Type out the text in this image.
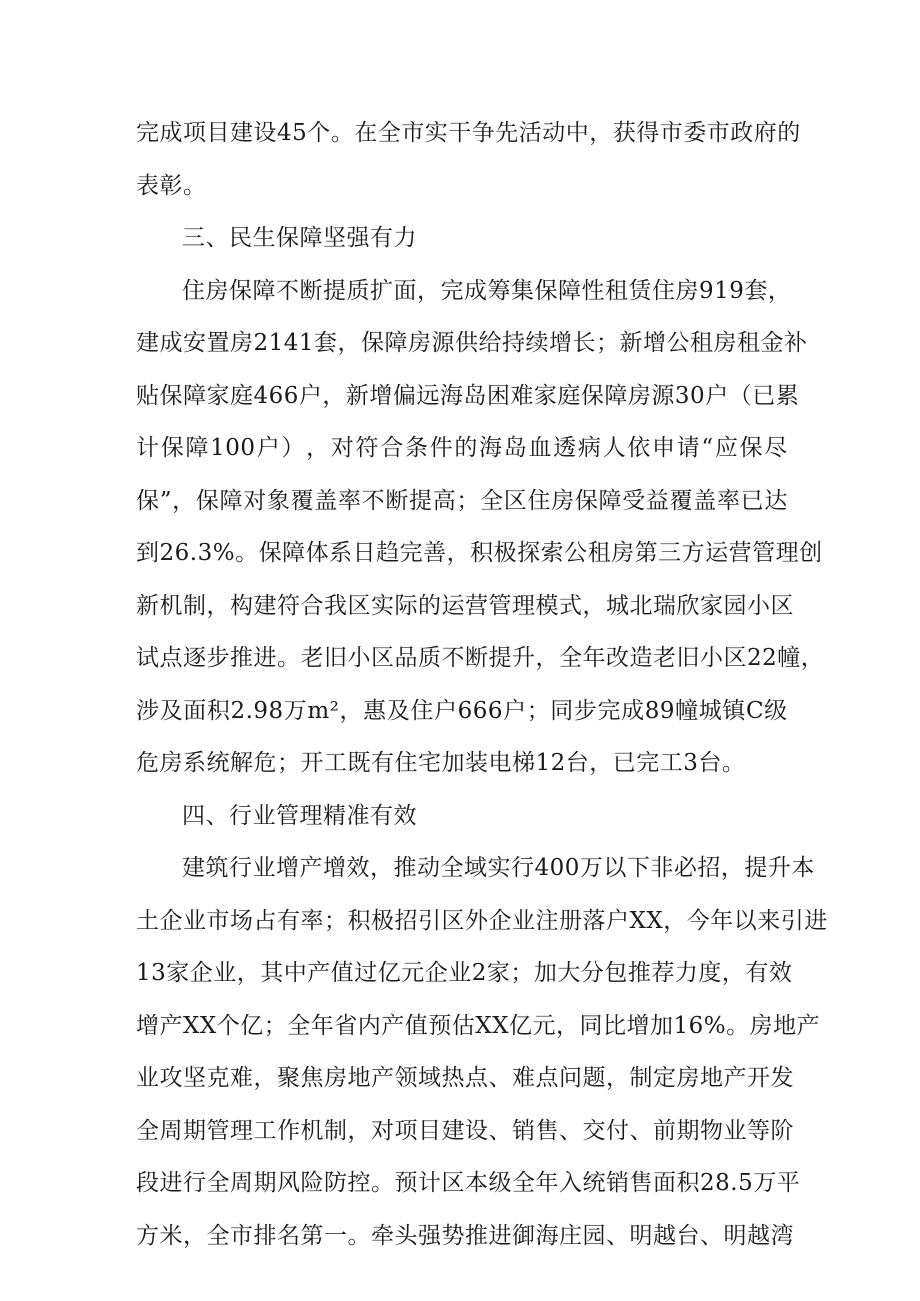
完 成 项 目 建 设 45 个 。 在 全 市 实 干 争 先 活 动 中 ， 获 得 市 委 市 政 府 的
表彰。
三、民生保障坚强有力
住 房 保 障 不 断 提 质 扩 面 ， 完 成 筹 集 保 障 性 租 赁 住 房 919 套 ，
建 成 安 置 房 2141 套 ， 保 障 房 源 供 给 持 续 增 长 ； 新 增 公 租 房 租 金 补
贴 保 障 家 庭 466 户 ， 新 增 偏 远 海 岛 困 难 家 庭 保 障 房 源 30 户 （ 已 累
计 保 障 100 户 ） ， 对 符 合 条 件 的 海 岛 血 透 病 人 依 申 请 “ 应 保 尽
保 ” ， 保 障 对 象 覆 盖 率 不 断 提 高 ； 全 区 住 房 保 障 受 益 覆 盖 率 已 达
到 26.3% 。 保 障 体 系 日 趋 完 善 ， 积 极 探 索 公 租 房 第 三 方 运 营 管 理 创
新 机 制 ， 构 建 符 合 我 区 实 际 的 运 营 管 理 模 式 ， 城 北 瑞 欣 家 园 小 区
试 点 逐 步 推 进 。 老 旧 小 区 品 质 不 断 提 升 ， 全 年 改 造 老 旧 小 区 22 幢 ，
涉 及 面 积 2.98 万 m² ， 惠 及 住 户 666 户 ； 同 步 完 成 89 幢 城 镇 C 级
危房系统解危；开工既有住宅加装电梯12台，已完工3台。
四、行业管理精准有效
建 筑 行 业 增 产 增 效 ， 推 动 全 域 实 行 400 万 以 下 非 必 招 ， 提 升 本
土 企 业 市 场 占 有 率 ； 积 极 招 引 区 外 企 业 注 册 落 户 XX ， 今 年 以 来 引 进
13 家 企 业 ， 其 中 产 值 过 亿 元 企 业 2 家 ； 加 大 分 包 推 荐 力 度 ， 有 效
增 产 XX 个 亿 ； 全 年 省 内 产 值 预 估 XX 亿 元 ， 同 比 增 加 16% 。 房 地 产
业 攻 坚 克 难 ， 聚 焦 房 地 产 领 域 热 点 、 难 点 问 题 ， 制 定 房 地 产 开 发
全 周 期 管 理 工 作 机 制 ， 对 项 目 建 设 、 销 售 、 交 付 、 前 期 物 业 等 阶
段 进 行 全 周 期 风 险 防 控 。 预 计 区 本 级 全 年 入 统 销 售 面 积 28.5 万 平
方 米 ， 全 市 排 名 第 一 。 牵 头 强 势 推 进 御 海 庄 园 、 明 越 台 、 明 越 湾
